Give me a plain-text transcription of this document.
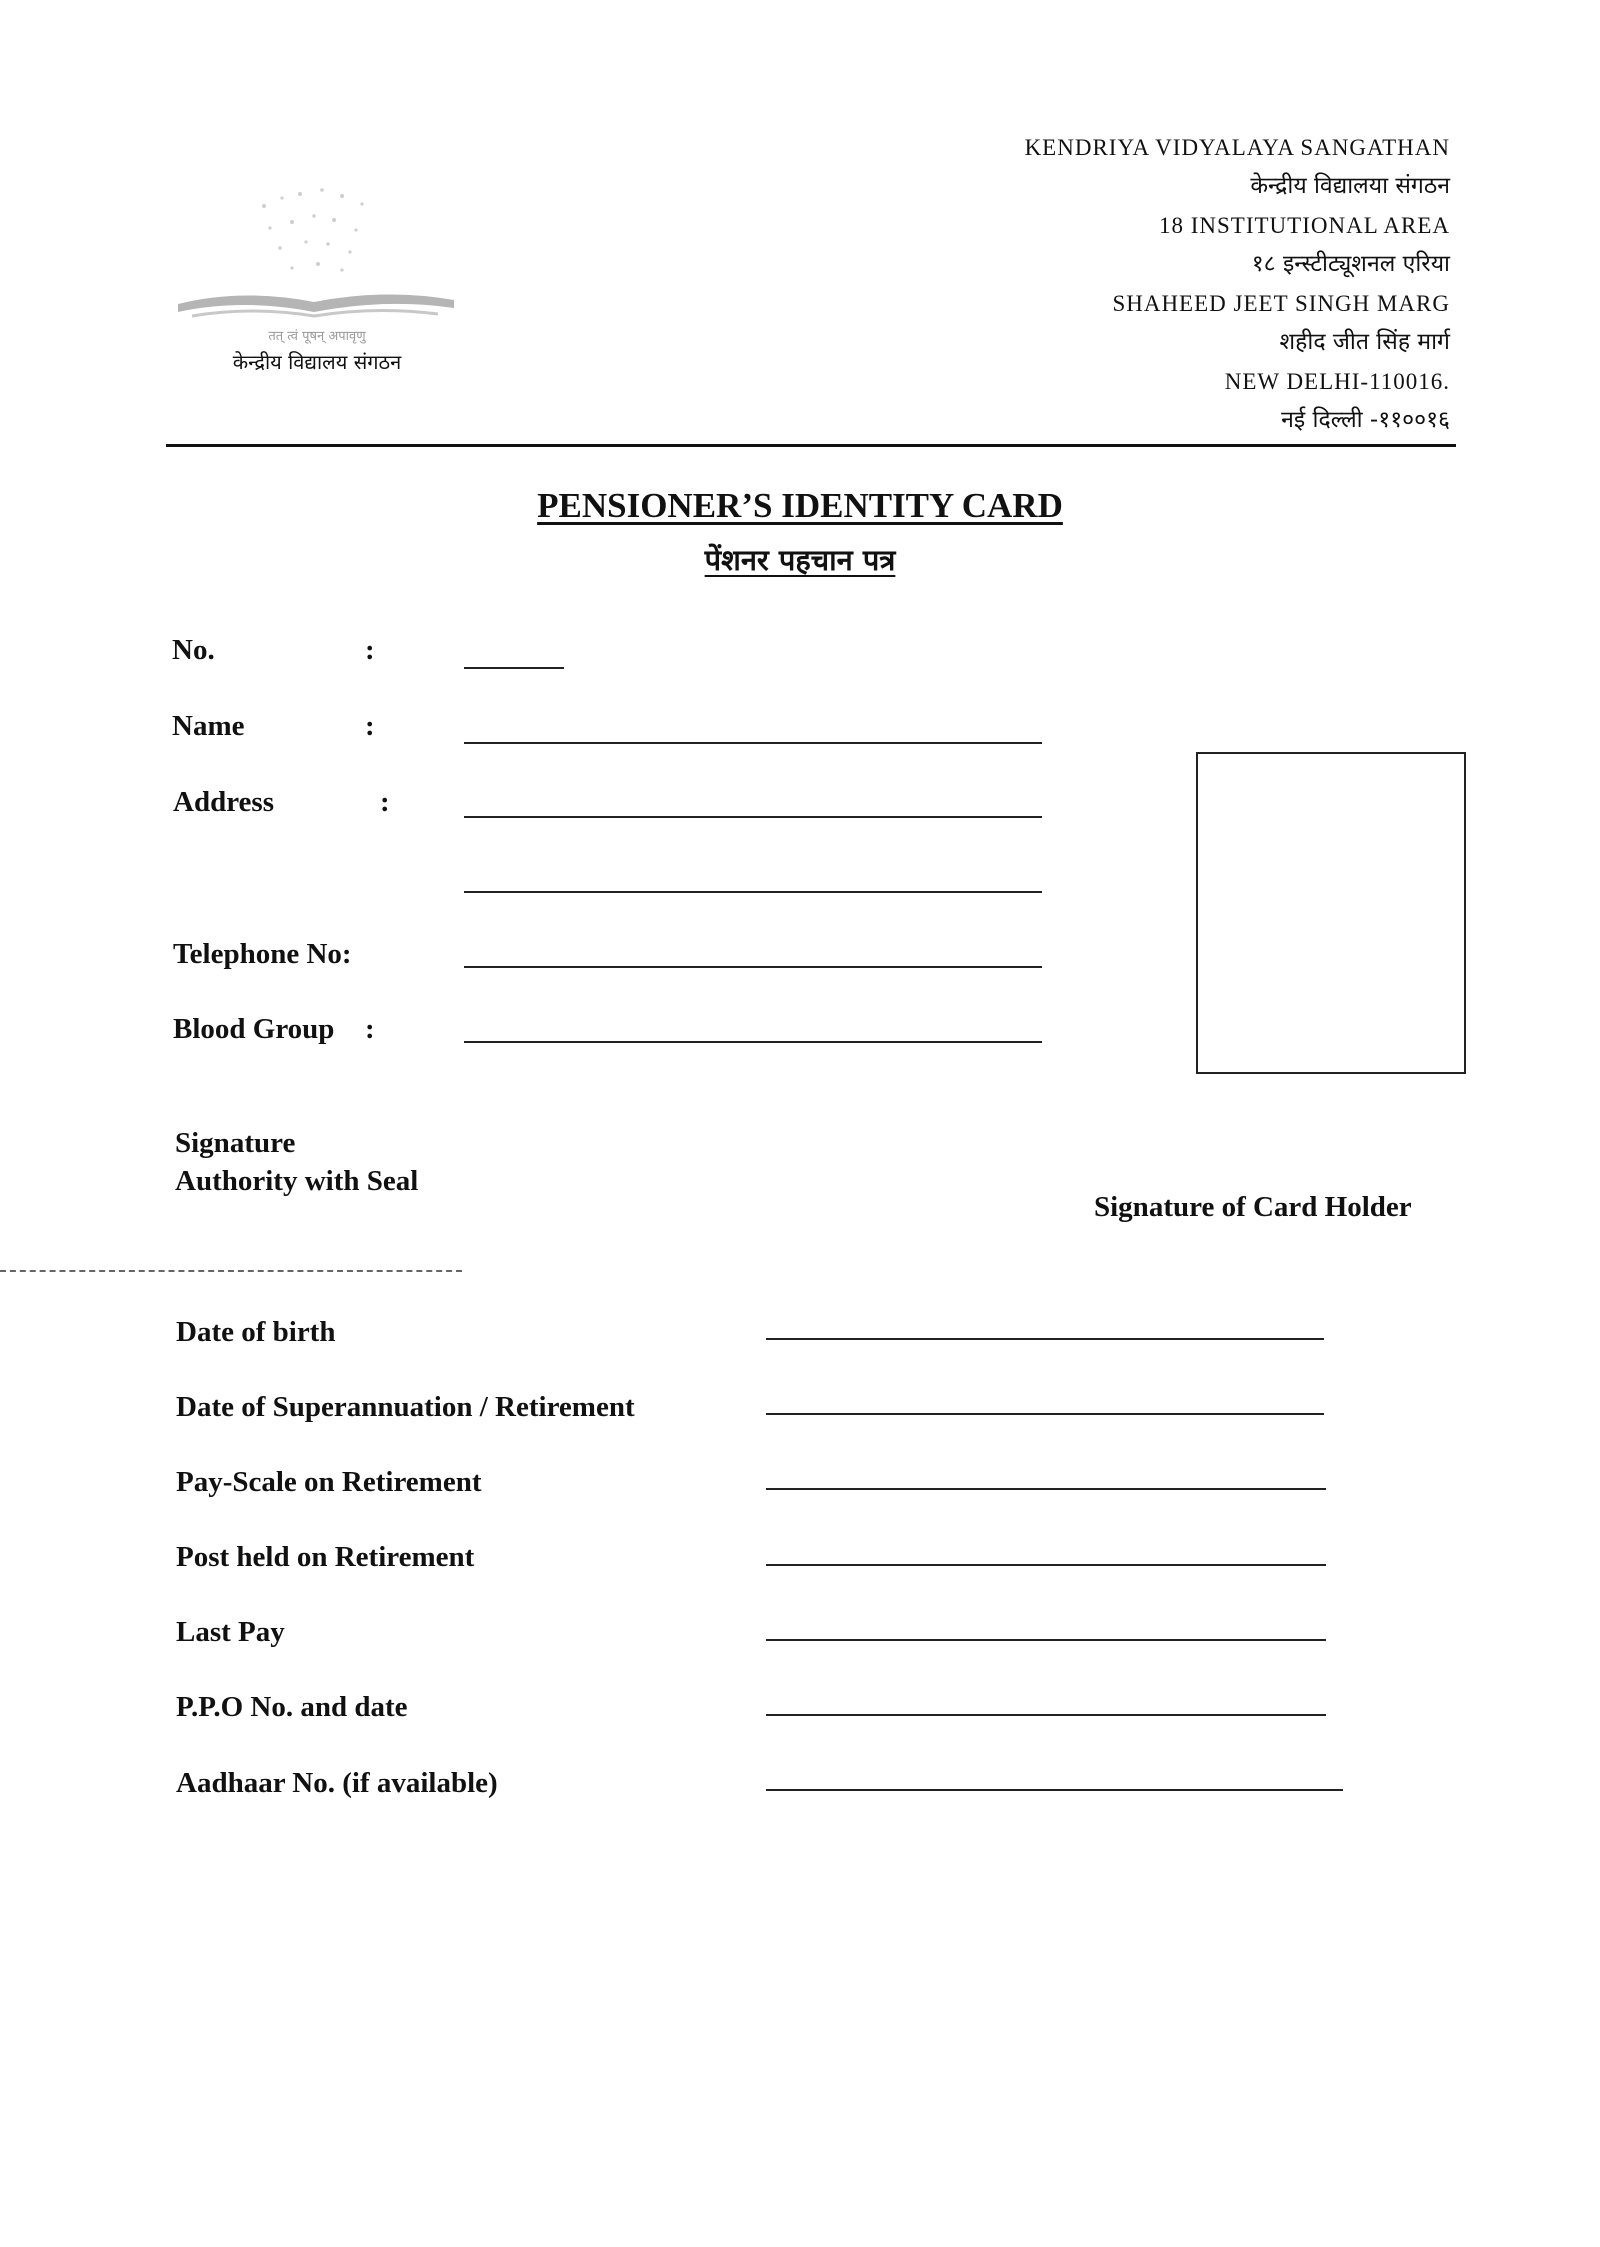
तत् त्वं पूषन् अपावृणु
केन्द्रीय विद्यालय संगठन
KENDRIYA VIDYALAYA SANGATHAN
केन्द्रीय विद्यालया संगठन
18 INSTITUTIONAL AREA
१८ इन्स्टीट्यूशनल एरिया
SHAHEED JEET SINGH MARG
शहीद जीत सिंह मार्ग
NEW DELHI-110016.
नई दिल्ली -११००१६
PENSIONER’S IDENTITY CARD
पेंशनर पहचान पत्र
No.	:
Name	:
Address	:
Telephone No:
Blood Group :
Signature
Authority with Seal
Signature of Card Holder
Date of birth
Date of Superannuation / Retirement
Pay-Scale on Retirement
Post held on Retirement
Last Pay
P.P.O No. and date
Aadhaar No. (if available)
